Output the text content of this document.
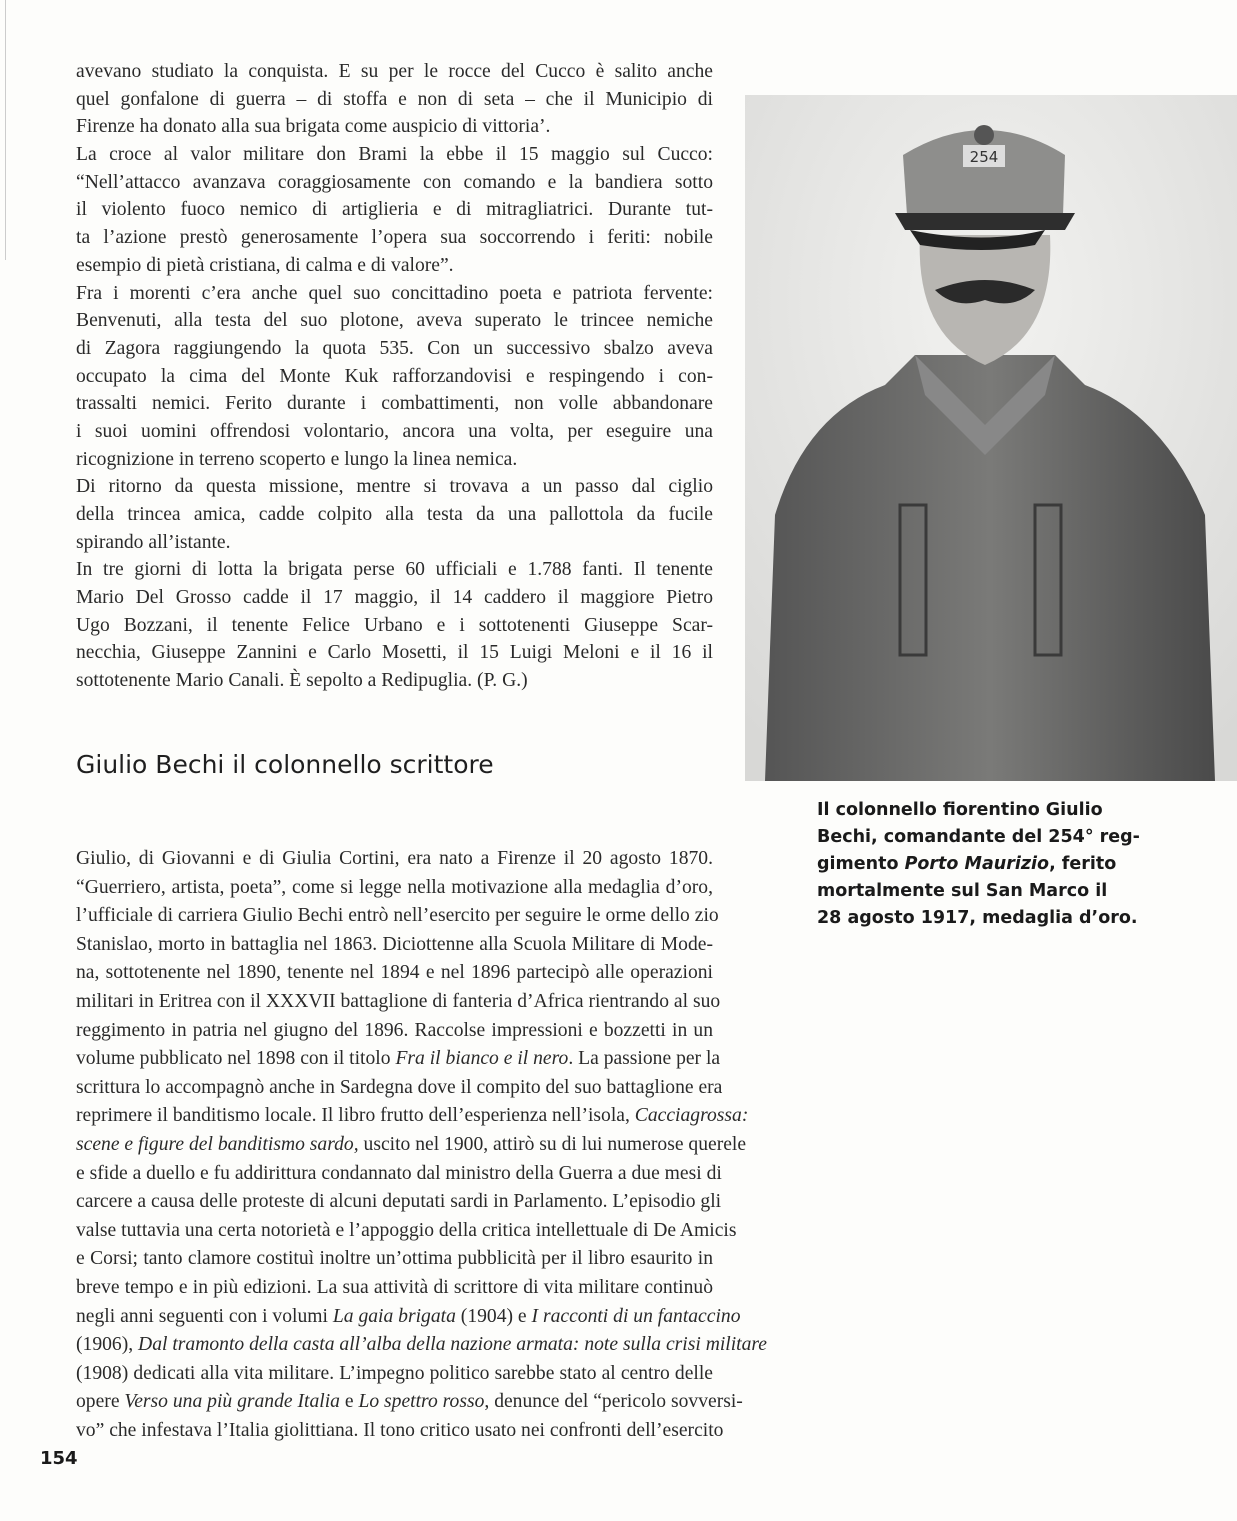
avevano studiato la conquista. E su per le rocce del Cucco è salito anche
quel gonfalone di guerra – di stoffa e non di seta – che il Municipio di
Firenze ha donato alla sua brigata come auspicio di vittoria’.
La croce al valor militare don Brami la ebbe il 15 maggio sul Cucco:
“Nell’attacco avanzava coraggiosamente con comando e la bandiera sotto
il violento fuoco nemico di artiglieria e di mitragliatrici. Durante tut-
ta l’azione prestò generosamente l’opera sua soccorrendo i feriti: nobile
esempio di pietà cristiana, di calma e di valore”.
Fra i morenti c’era anche quel suo concittadino poeta e patriota fervente:
Benvenuti, alla testa del suo plotone, aveva superato le trincee nemiche
di Zagora raggiungendo la quota 535. Con un successivo sbalzo aveva
occupato la cima del Monte Kuk rafforzandovisi e respingendo i con-
trassalti nemici. Ferito durante i combattimenti, non volle abbandonare
i suoi uomini offrendosi volontario, ancora una volta, per eseguire una
ricognizione in terreno scoperto e lungo la linea nemica.
Di ritorno da questa missione, mentre si trovava a un passo dal ciglio
della trincea amica, cadde colpito alla testa da una pallottola da fucile
spirando all’istante.
In tre giorni di lotta la brigata perse 60 ufficiali e 1.788 fanti. Il tenente
Mario Del Grosso cadde il 17 maggio, il 14 caddero il maggiore Pietro
Ugo Bozzani, il tenente Felice Urbano e i sottotenenti Giuseppe Scar-
necchia, Giuseppe Zannini e Carlo Mosetti, il 15 Luigi Meloni e il 16 il
sottotenente Mario Canali. È sepolto a Redipuglia. (P. G.)
Giulio Bechi il colonnello scrittore
Giulio, di Giovanni e di Giulia Cortini, era nato a Firenze il 20 agosto 1870.
“Guerriero, artista, poeta”, come si legge nella motivazione alla medaglia d’oro,
l’ufficiale di carriera Giulio Bechi entrò nell’esercito per seguire le orme dello zio
Stanislao, morto in battaglia nel 1863. Diciottenne alla Scuola Militare di Mode-
na, sottotenente nel 1890, tenente nel 1894 e nel 1896 partecipò alle operazioni
militari in Eritrea con il XXXVII battaglione di fanteria d’Africa rientrando al suo
reggimento in patria nel giugno del 1896. Raccolse impressioni e bozzetti in un
volume pubblicato nel 1898 con il titolo Fra il bianco e il nero. La passione per la
scrittura lo accompagnò anche in Sardegna dove il compito del suo battaglione era
reprimere il banditismo locale. Il libro frutto dell’esperienza nell’isola, Cacciagrossa:
scene e figure del banditismo sardo, uscito nel 1900, attirò su di lui numerose querele
e sfide a duello e fu addirittura condannato dal ministro della Guerra a due mesi di
carcere a causa delle proteste di alcuni deputati sardi in Parlamento. L’episodio gli
valse tuttavia una certa notorietà e l’appoggio della critica intellettuale di De Amicis
e Corsi; tanto clamore costituì inoltre un’ottima pubblicità per il libro esaurito in
breve tempo e in più edizioni. La sua attività di scrittore di vita militare continuò
negli anni seguenti con i volumi La gaia brigata (1904) e I racconti di un fantaccino
(1906), Dal tramonto della casta all’alba della nazione armata: note sulla crisi militare
(1908) dedicati alla vita militare. L’impegno politico sarebbe stato al centro delle
opere Verso una più grande Italia e Lo spettro rosso, denunce del “pericolo sovversi-
vo” che infestava l’Italia giolittiana. Il tono critico usato nei confronti dell’esercito
254
Il colonnello fiorentino Giulio
Bechi, comandante del 254° reg-
gimento Porto Maurizio, ferito
mortalmente sul San Marco il
28 agosto 1917, medaglia d’oro.
154
